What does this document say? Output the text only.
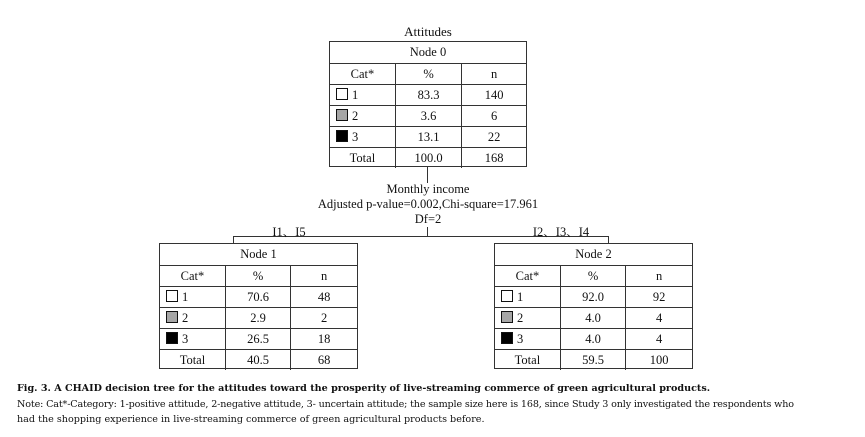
Attitudes
Node 0
Cat*	%	n
1	83.3	140
2	3.6	6
3	13.1	22
Total	100.0	168
Monthly income
Adjusted p-value=0.002,Chi-square=17.961
Df=2
I1、I5	I2、I3、I4
Node 1
Cat*	%	n
1	70.6	48
2	2.9	2
3	26.5	18
Total	40.5	68
Node 2
Cat*	%	n
1	92.0	92
2	4.0	4
3	4.0	4
Total	59.5	100
Fig. 3. A CHAID decision tree for the attitudes toward the prosperity of live-streaming commerce of green agricultural products.
Note: Cat*-Category: 1-positive attitude, 2-negative attitude, 3- uncertain attitude; the sample size here is 168, since Study 3 only investigated the respondents who
had the shopping experience in live-streaming commerce of green agricultural products before.
